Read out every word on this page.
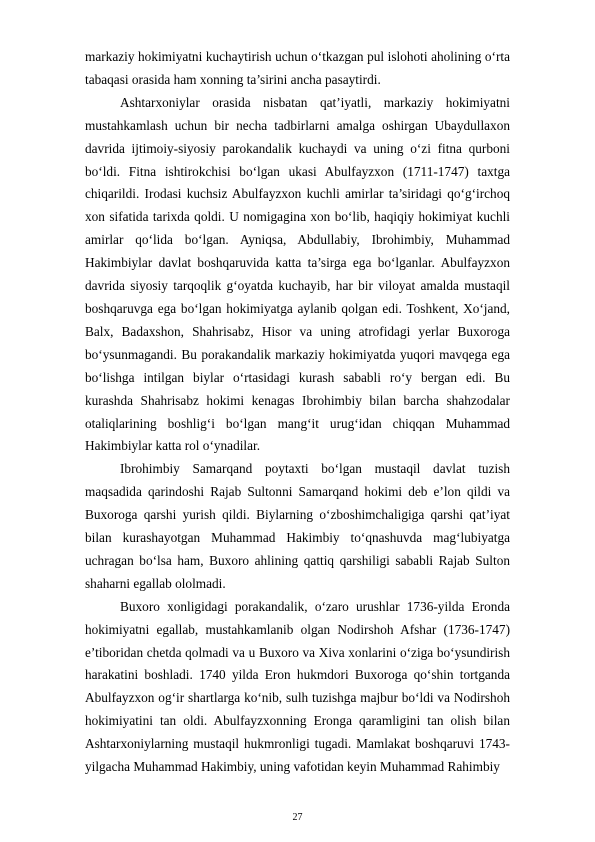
markaziy hokimiyatni kuchaytirish uchun o‘tkazgan pul islohoti aholining o‘rta tabaqasi orasida ham xonning ta’sirini ancha pasaytirdi.

Ashtarxoniylar orasida nisbatan qat’iyatli, markaziy hokimiyatni mustahkamlash uchun bir necha tadbirlarni amalga oshirgan Ubaydullaxon davrida ijtimoiy-siyosiy parokandalik kuchaydi va uning o‘zi fitna qurboni bo‘ldi. Fitna ishtirokchisi bo‘lgan ukasi Abulfayzxon (1711-1747) taxtga chiqarildi. Irodasi kuchsiz Abulfayzxon kuchli amirlar ta’siridagi qo‘g‘irchoq xon sifatida tarixda qoldi. U nomigagina xon bo‘lib, haqiqiy hokimiyat kuchli amirlar qo‘lida bo‘lgan. Ayniqsa, Abdullabiy, Ibrohimbiy, Muhammad Hakimbiylar davlat boshqaruvida katta ta’sirga ega bo‘lganlar. Abulfayzxon davrida siyosiy tarqoqlik g‘oyatda kuchayib, har bir viloyat amalda mustaqil boshqaruvga ega bo‘lgan hokimiyatga aylanib qolgan edi. Toshkent, Xo‘jand, Balx, Badaxshon, Shahrisabz, Hisor va uning atrofidagi yerlar Buxoroga bo‘ysunmagandi. Bu porakandalik markaziy hokimiyatda yuqori mavqega ega bo‘lishga intilgan biylar o‘rtasidagi kurash sababli ro‘y bergan edi. Bu kurashda Shahrisabz hokimi kenagas Ibrohimbiy bilan barcha shahzodalar otaliqlarining boshlig‘i bo‘lgan mang‘it urug‘idan chiqqan Muhammad Hakimbiylar katta rol o‘ynadilar.

Ibrohimbiy Samarqand poytaxti bo‘lgan mustaqil davlat tuzish maqsadida qarindoshi Rajab Sultonni Samarqand hokimi deb e’lon qildi va Buxoroga qarshi yurish qildi. Biylarning o‘zboshimchaligiga qarshi qat’iyat bilan kurashayotgan Muhammad Hakimbiy to‘qnashuvda mag‘lubiyatga uchragan bo‘lsa ham, Buxoro ahlining qattiq qarshiligi sababli Rajab Sulton shaharni egallab ololmadi.

Buxoro xonligidagi porakandalik, o‘zaro urushlar 1736-yilda Eronda hokimiyatni egallab, mustahkamlanib olgan Nodirshoh Afshar (1736-1747) e’tiboridan chetda qolmadi va u Buxoro va Xiva xonlarini o‘ziga bo‘ysundirish harakatini boshladi. 1740 yilda Eron hukmdori Buxoroga qo‘shin tortganda Abulfayzxon og‘ir shartlarga ko‘nib, sulh tuzishga majbur bo‘ldi va Nodirshoh hokimiyatini tan oldi. Abulfayzxonning Eronga qaramligini tan olish bilan Ashtarxoniylarning mustaqil hukmronligi tugadi. Mamlakat boshqaruvi 1743-yilgacha Muhammad Hakimbiy, uning vafotidan keyin Muhammad Rahimbiy

27
